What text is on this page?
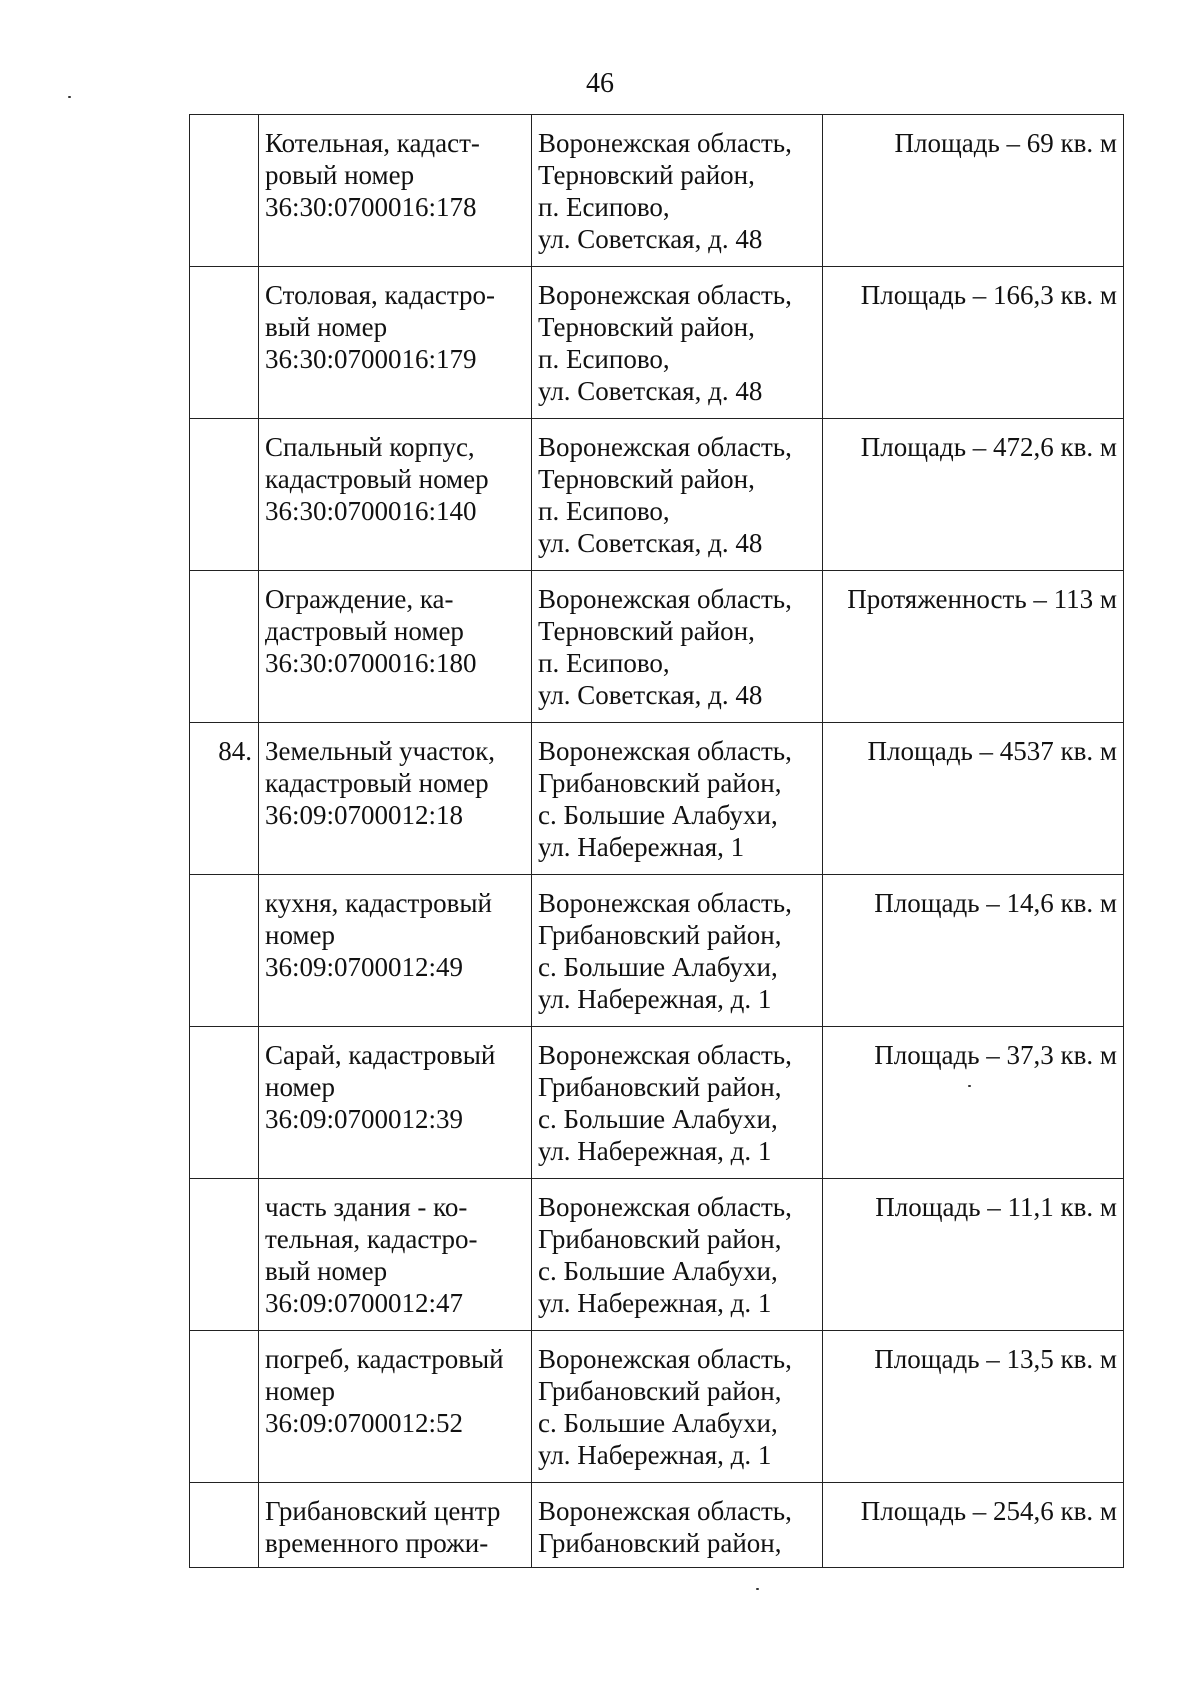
46
	Котельная, кадаст-
ровый номер
36:30:0700016:178	Воронежская область,
Терновский район,
п. Есипово,
ул. Советская, д. 48	Площадь – 69 кв. м
	Столовая, кадастро-
вый номер
36:30:0700016:179	Воронежская область,
Терновский район,
п. Есипово,
ул. Советская, д. 48	Площадь – 166,3 кв. м
	Спальный корпус,
кадастровый номер
36:30:0700016:140	Воронежская область,
Терновский район,
п. Есипово,
ул. Советская, д. 48	Площадь – 472,6 кв. м
	Ограждение, ка-
дастровый номер
36:30:0700016:180	Воронежская область,
Терновский район,
п. Есипово,
ул. Советская, д. 48	Протяженность – 113 м
84.	Земельный участок,
кадастровый номер
36:09:0700012:18	Воронежская область,
Грибановский район,
с. Большие Алабухи,
ул. Набережная, 1	Площадь – 4537 кв. м
	кухня, кадастровый
номер
36:09:0700012:49	Воронежская область,
Грибановский район,
с. Большие Алабухи,
ул. Набережная, д. 1	Площадь – 14,6 кв. м
	Сарай, кадастровый
номер
36:09:0700012:39	Воронежская область,
Грибановский район,
с. Большие Алабухи,
ул. Набережная, д. 1	Площадь – 37,3 кв. м
	часть здания - ко-
тельная, кадастро-
вый номер
36:09:0700012:47	Воронежская область,
Грибановский район,
с. Большие Алабухи,
ул. Набережная, д. 1	Площадь – 11,1 кв. м
	погреб, кадастровый
номер
36:09:0700012:52	Воронежская область,
Грибановский район,
с. Большие Алабухи,
ул. Набережная, д. 1	Площадь – 13,5 кв. м
	Грибановский центр
временного прожи-	Воронежская область,
Грибановский район,	Площадь – 254,6 кв. м
